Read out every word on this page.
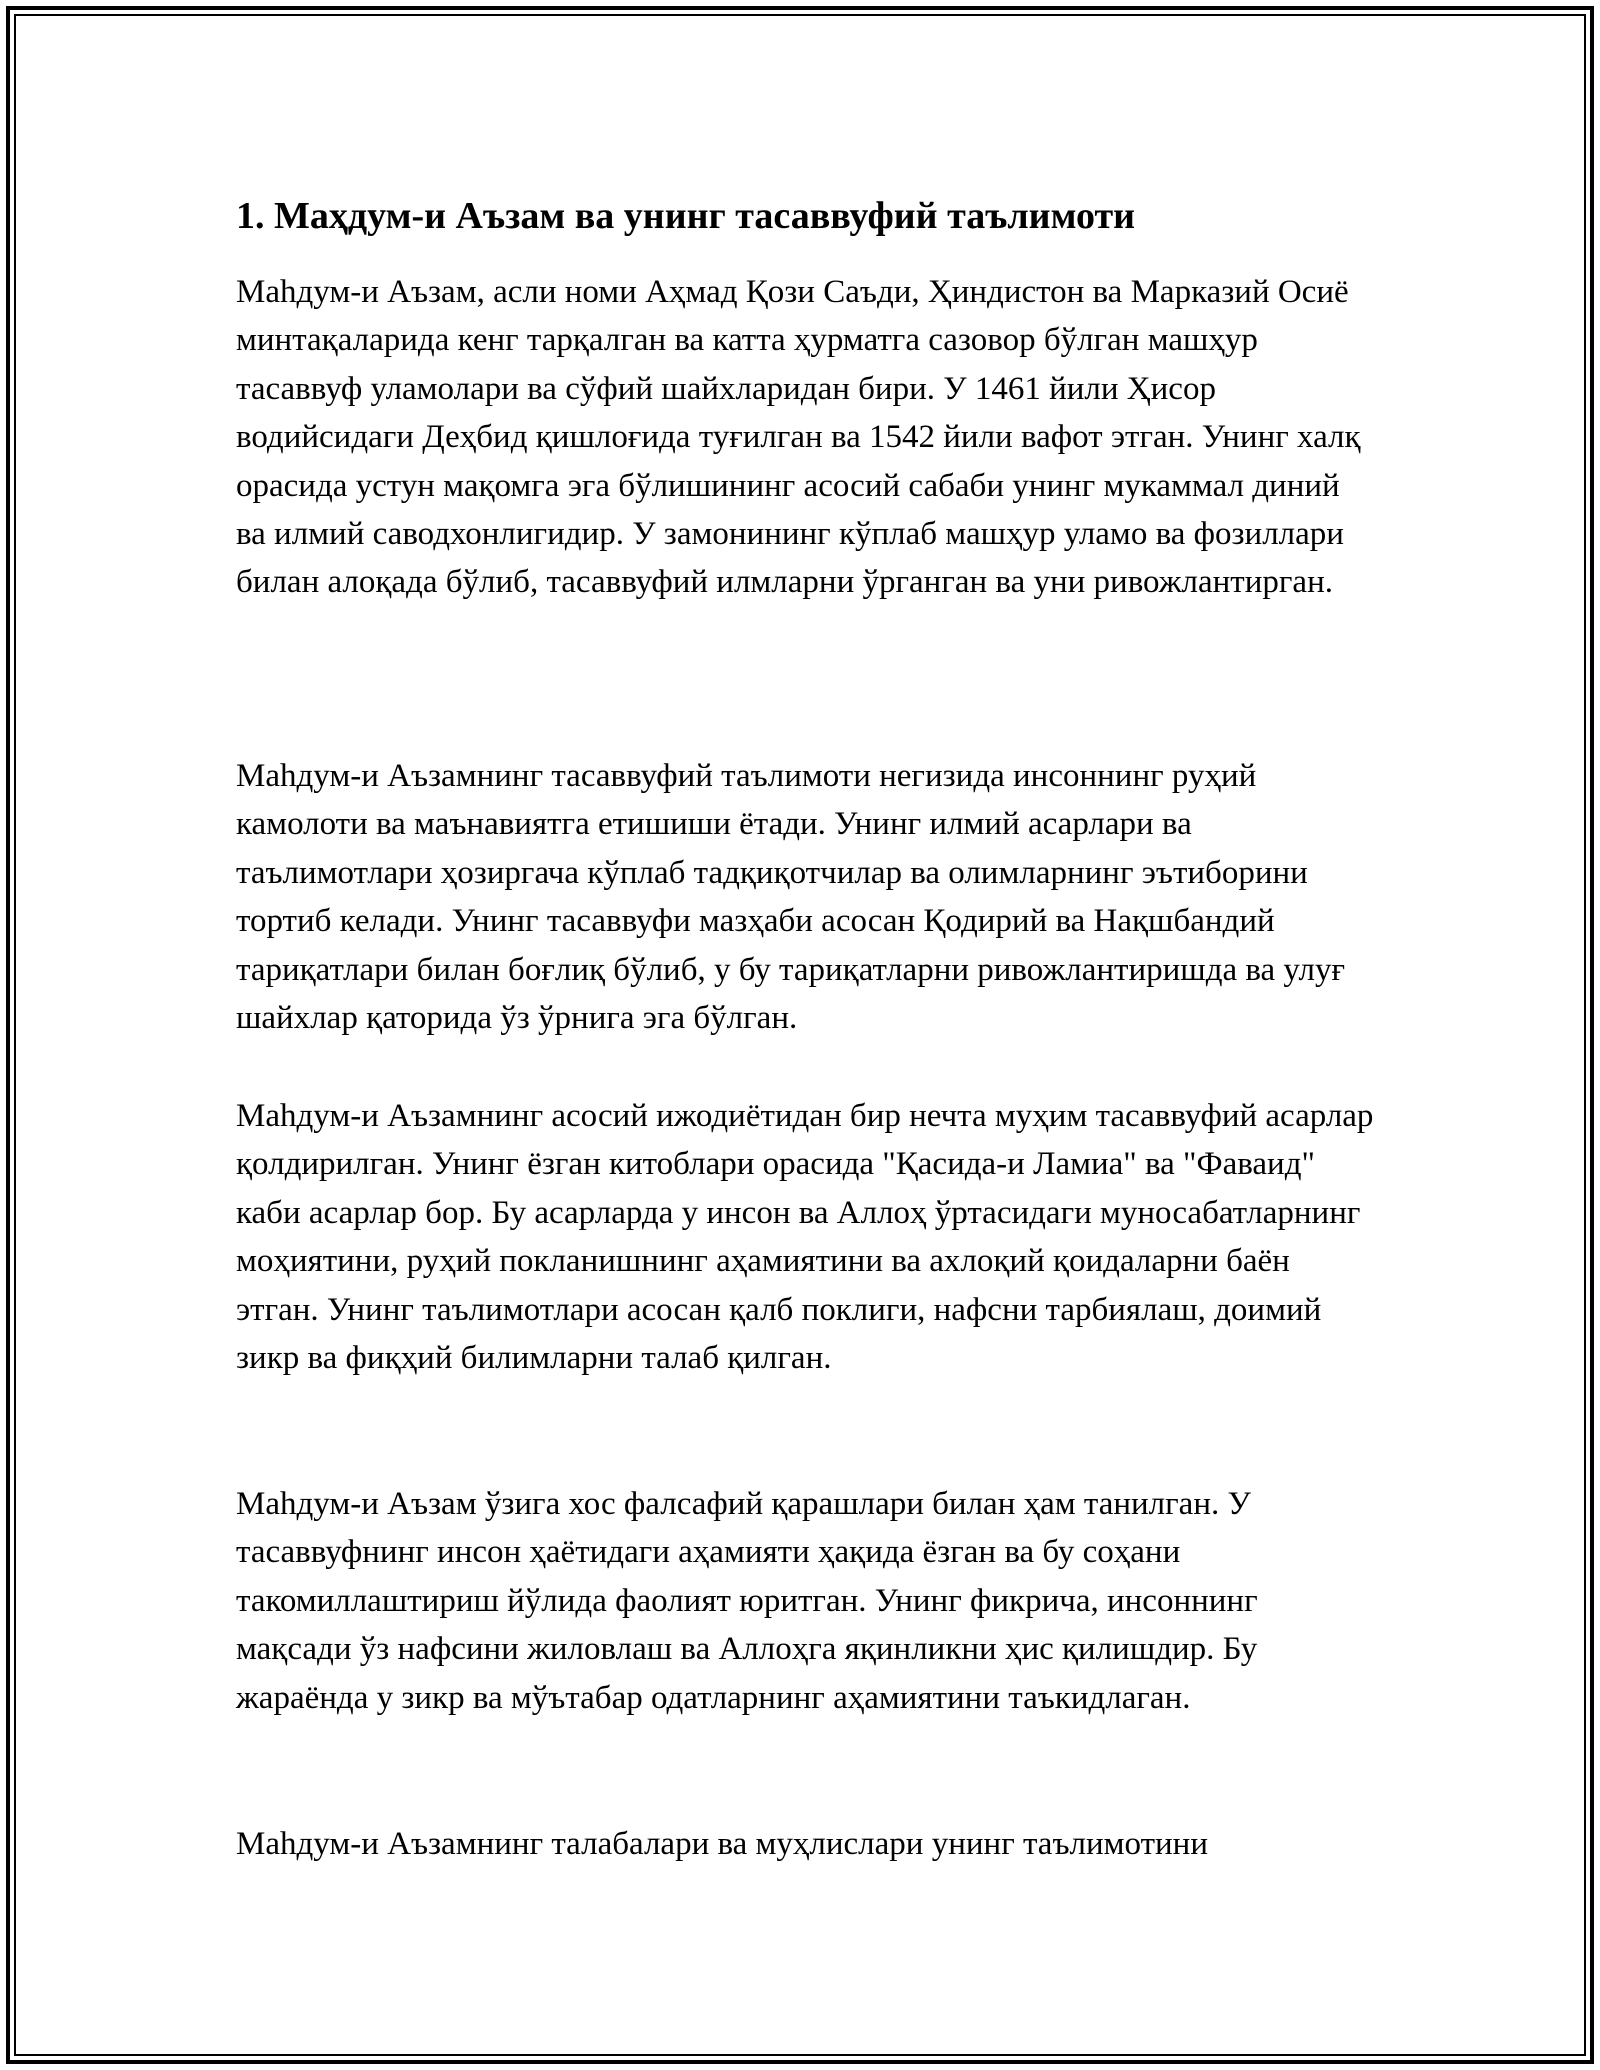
1. Маҳдум-и Аъзам ва унинг тасаввуфий таълимоти

Маһдум-и Аъзам, асли номи Аҳмад Қози Саъди, Ҳиндистон ва Марказий Осиё минтақаларида кенг тарқалган ва катта ҳурматга сазовор бўлган машҳур тасаввуф уламолари ва сўфий шайхларидан бири. У 1461 йили Ҳисор водийсидаги Деҳбид қишлоғида туғилган ва 1542 йили вафот этган. Унинг халқ орасида устун мақомга эга бўлишининг асосий сабаби унинг мукаммал диний ва илмий саводхонлигидир. У замонининг кўплаб машҳур уламо ва фозиллари билан алоқада бўлиб, тасаввуфий илмларни ўрганган ва уни ривожлантирган.

Маһдум-и Аъзамнинг тасаввуфий таълимоти негизида инсоннинг руҳий камолоти ва маънавиятга етишиши ётади. Унинг илмий асарлари ва таълимотлари ҳозиргача кўплаб тадқиқотчилар ва олимларнинг эътиборини тортиб келади. Унинг тасаввуфи мазҳаби асосан Қодирий ва Нақшбандий тариқатлари билан боғлиқ бўлиб, у бу тариқатларни ривожлантиришда ва улуғ шайхлар қаторида ўз ўрнига эга бўлган.

Маһдум-и Аъзамнинг асосий ижодиётидан бир нечта муҳим тасаввуфий асарлар қолдирилган. Унинг ёзган китоблари орасида "Қасида-и Ламиа" ва "Фаваид" каби асарлар бор. Бу асарларда у инсон ва Аллоҳ ўртасидаги муносабатларнинг моҳиятини, руҳий покланишнинг аҳамиятини ва ахлоқий қоидаларни баён этган. Унинг таълимотлари асосан қалб поклиги, нафсни тарбиялаш, доимий зикр ва фиқҳий билимларни талаб қилган.

Маһдум-и Аъзам ўзига хос фалсафий қарашлари билан ҳам танилган. У тасаввуфнинг инсон ҳаётидаги аҳамияти ҳақида ёзган ва бу соҳани такомиллаштириш йўлида фаолият юритган. Унинг фикрича, инсоннинг мақсади ўз нафсини жиловлаш ва Аллоҳга яқинликни ҳис қилишдир. Бу жараёнда у зикр ва мўътабар одатларнинг аҳамиятини таъкидлаган.

Маһдум-и Аъзамнинг талабалари ва муҳлислари унинг таълимотини
